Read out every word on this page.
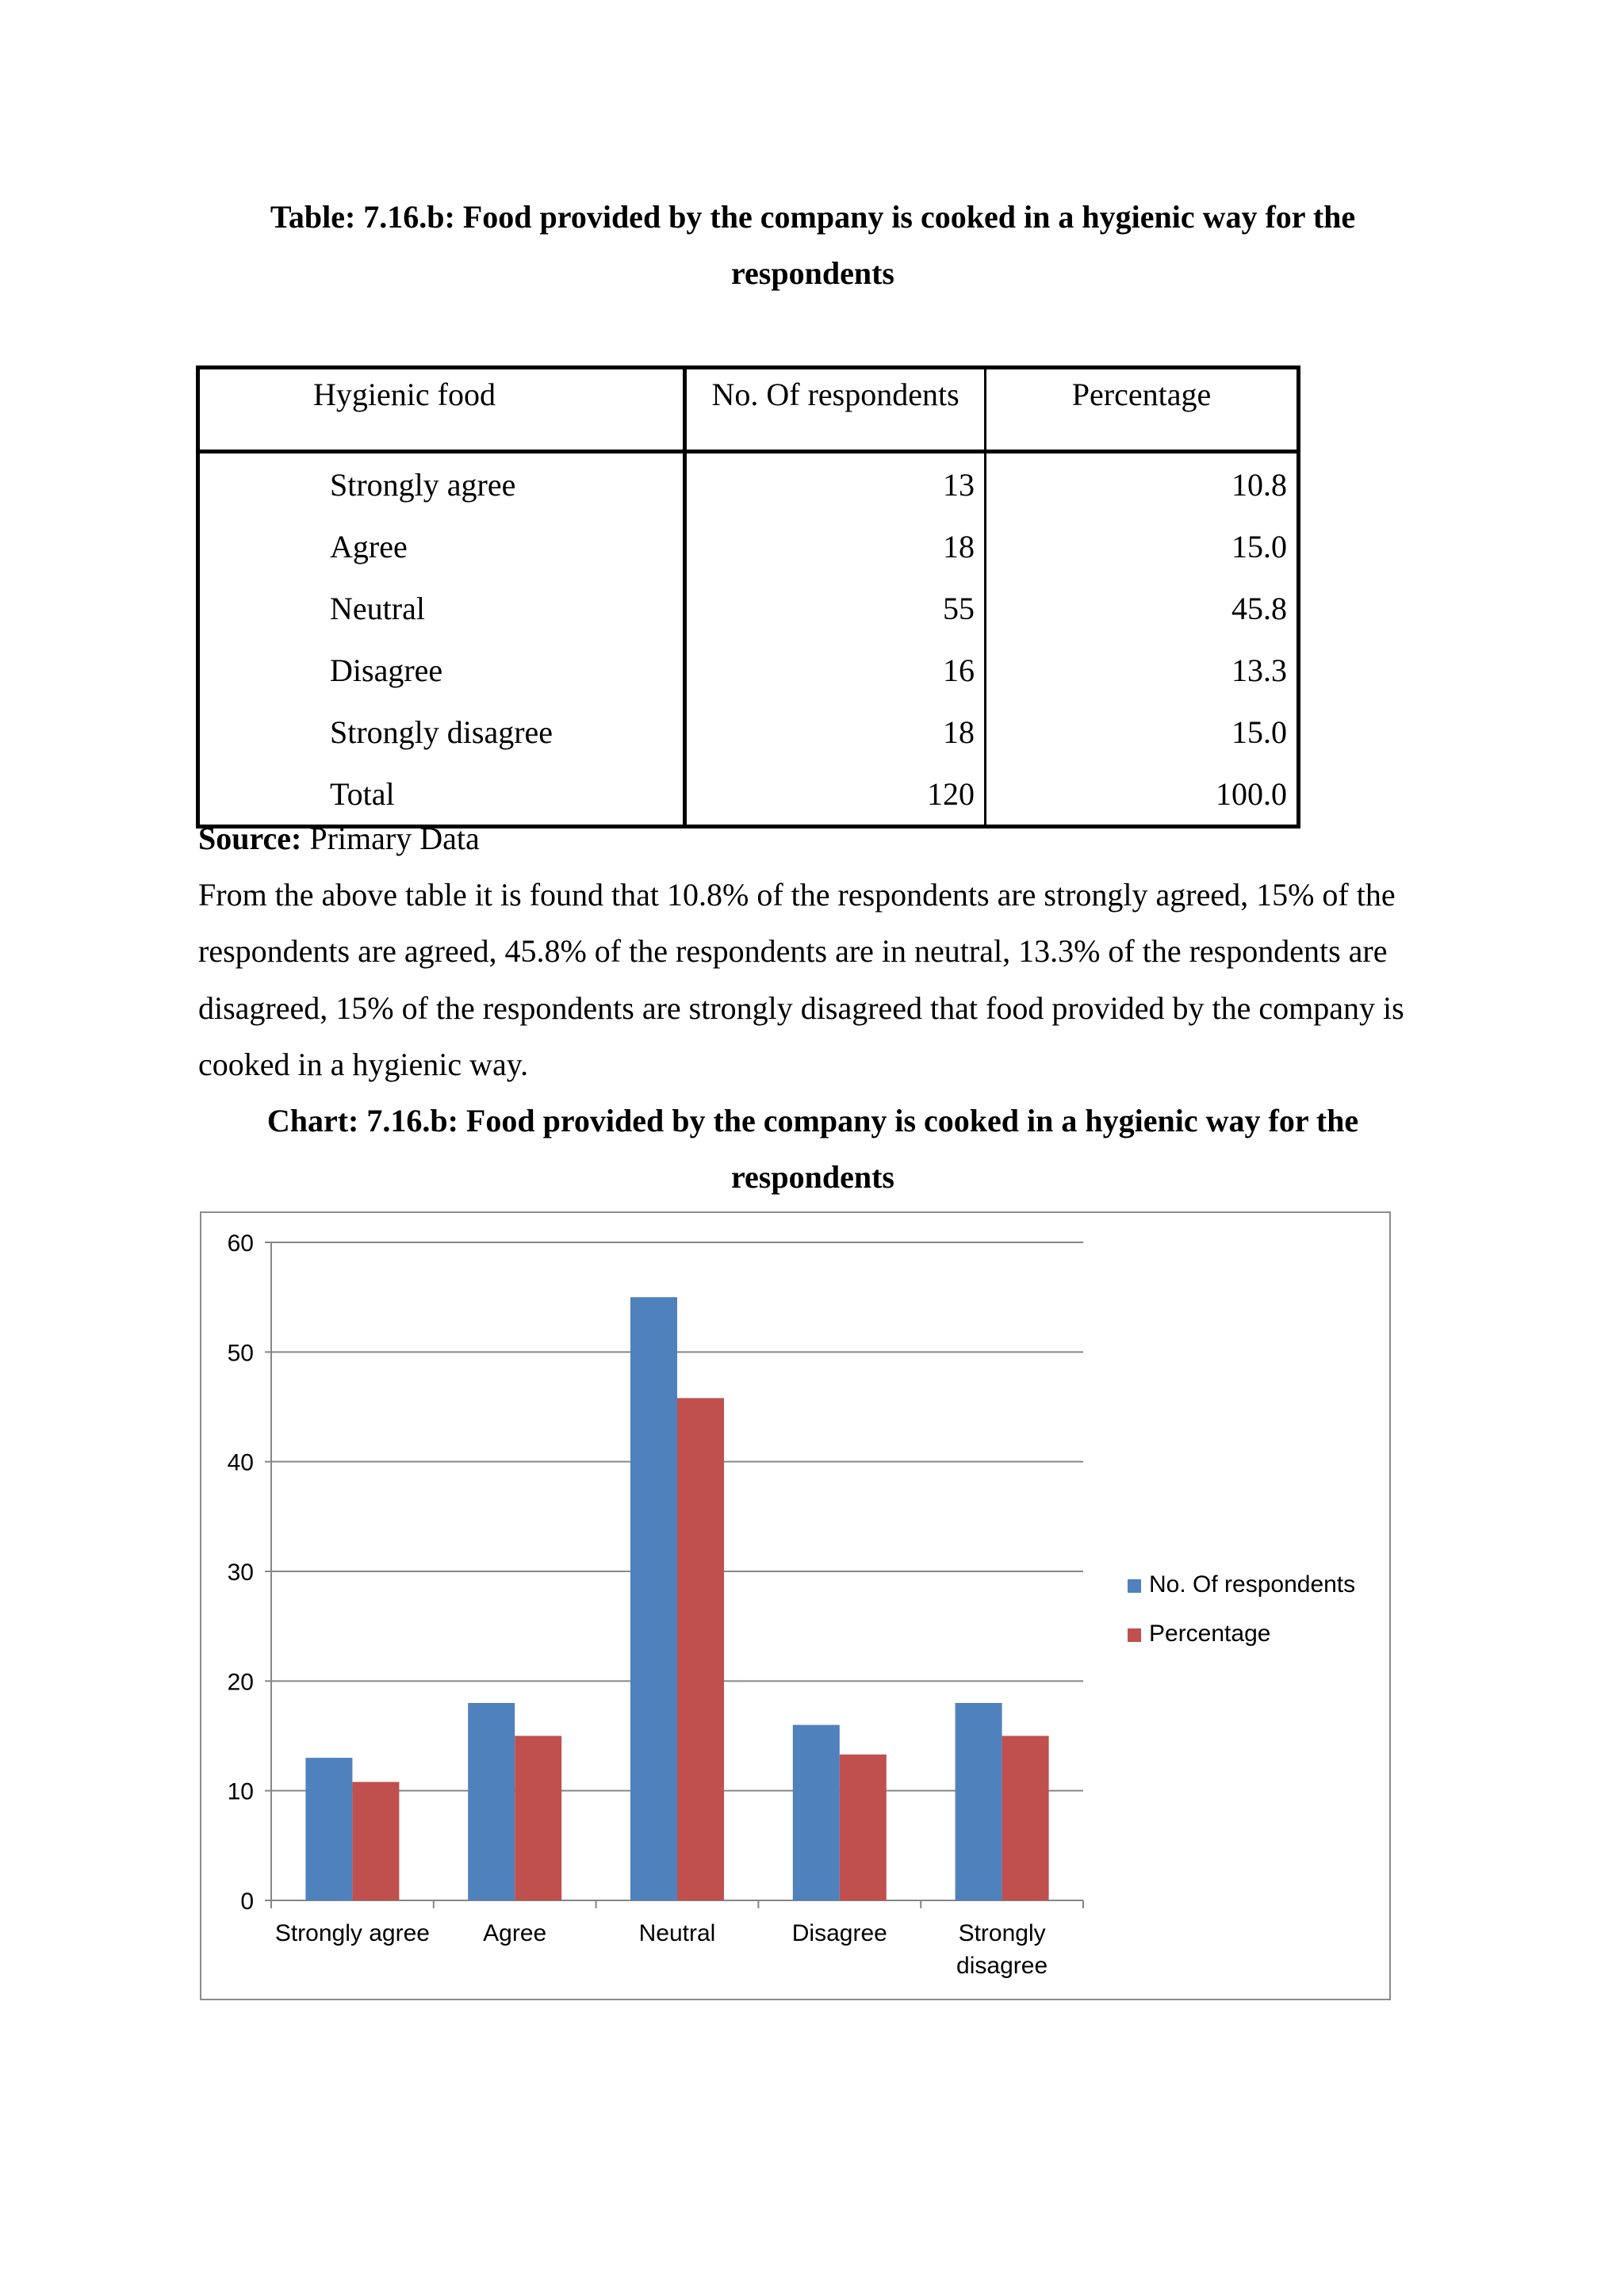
Table: 7.16.b: Food provided by the company is cooked in a hygienic way for the
respondents
Hygienic food	No. Of respondents	Percentage
Strongly agree	13	10.8
Agree	18	15.0
Neutral	55	45.8
Disagree	16	13.3
Strongly disagree	18	15.0
Total	120	100.0

Source: Primary Data

From the above table it is found that 10.8% of the respondents are strongly agreed, 15% of the respondents are agreed, 45.8% of the respondents are in neutral, 13.3% of the respondents are disagreed, 15% of the respondents are strongly disagreed that food provided by the company is cooked in a hygienic way.

Chart: 7.16.b: Food provided by the company is cooked in a hygienic way for the
respondents
0
10
20
30
40
50
60
Strongly agree Agree	Neutral	Disagree	Strongly
disagree
No. Of respondents
Percentage
